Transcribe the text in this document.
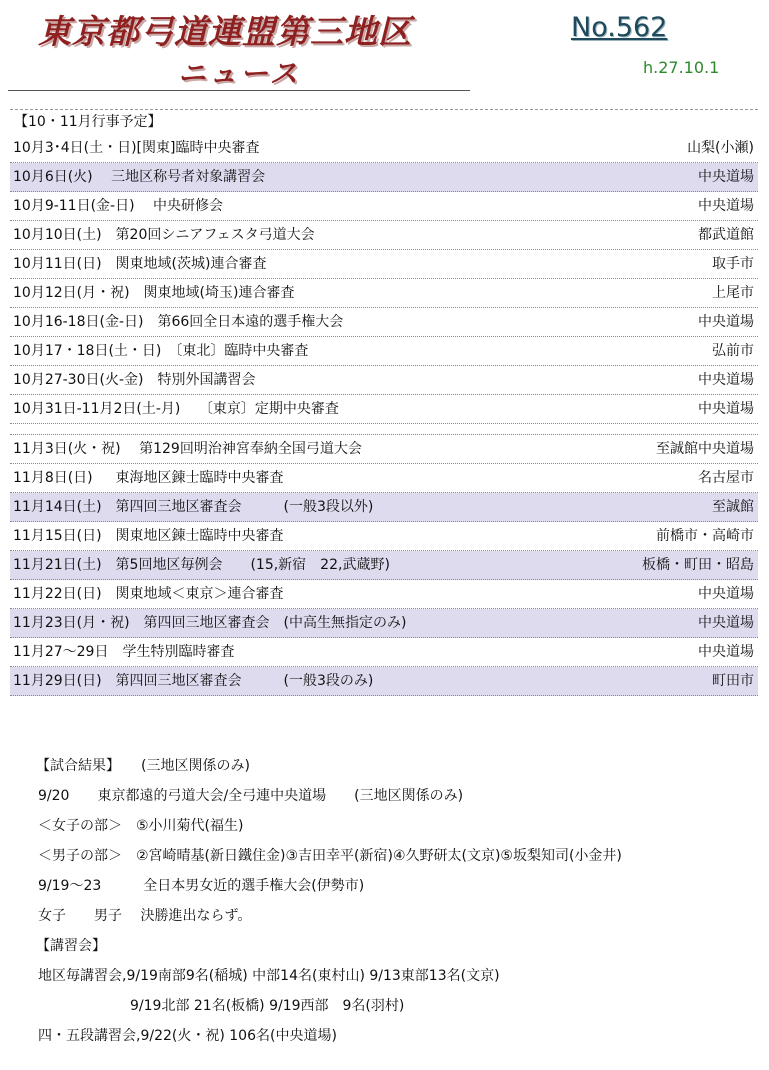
東京都弓道連盟第三地区
ニュース
No.562
h.27.10.1
【10・11月行事予定】
10月3･4日(土・日)[関東]臨時中央審査	山梨(小瀬)
10月6日(火)　 三地区称号者対象講習会	中央道場
10月9-11日(金-日)　 中央研修会	中央道場
10月10日(土)　第20回シニアフェスタ弓道大会	都武道館
10月11日(日)　関東地域(茨城)連合審査	取手市
10月12日(月・祝)　関東地域(埼玉)連合審査	上尾市
10月16-18日(金-日)　第66回全日本遠的選手権大会	中央道場
10月17・18日(土・日)　〔東北〕臨時中央審査	弘前市
10月27-30日(火-金)　特別外国講習会	中央道場
10月31日-11月2日(土-月)　 〔東京〕定期中央審査	中央道場
11月3日(火・祝)　 第129回明治神宮奉納全国弓道大会	至誠館中央道場
11月8日(日)　  東海地区錬士臨時中央審査	名古屋市
11月14日(土)　第四回三地区審査会　　　(一般3段以外)	至誠館
11月15日(日)　関東地区錬士臨時中央審査	前橋市・高崎市
11月21日(土)　第5回地区毎例会　　(15,新宿　22,武蔵野)	板橋・町田・昭島
11月22日(日)　関東地域＜東京＞連合審査	中央道場
11月23日(月・祝)　第四回三地区審査会　(中高生無指定のみ)	中央道場
11月27～29日　学生特別臨時審査	中央道場
11月29日(日)　第四回三地区審査会　　　(一般3段のみ)	町田市
【試合結果】　　(三地区関係のみ)
9/20　　東京都遠的弓道大会/全弓連中央道場　　(三地区関係のみ)
＜女子の部＞　⑤小川菊代(福生)
＜男子の部＞　②宮崎晴基(新日鐵住金)③吉田幸平(新宿)④久野研太(文京)⑤坂梨知司(小金井)
9/19～23　　　全日本男女近的選手権大会(伊勢市)
女子　　男子　 決勝進出ならず。
【講習会】
地区毎講習会,9/19南部9名(稲城) 中部14名(東村山) 9/13東部13名(文京)
9/19北部 21名(板橋) 9/19西部　9名(羽村)
四・五段講習会,9/22(火・祝) 106名(中央道場)
